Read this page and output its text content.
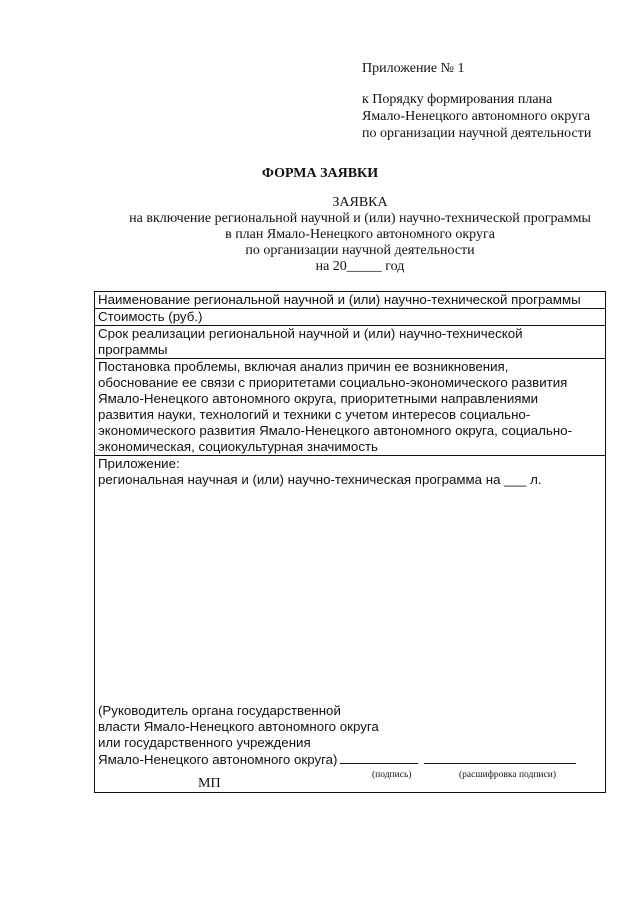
Приложение № 1
к Порядку формирования плана
Ямало-Ненецкого автономного округа
по организации научной деятельности
ФОРМА ЗАЯВКИ
ЗАЯВКА
на включение региональной научной и (или) научно-технической программы
в план Ямало-Ненецкого автономного округа
по организации научной деятельности
на 20_____ год
Наименование региональной научной и (или) научно-технической программы
Стоимость (руб.)
Срок реализации региональной научной и (или) научно-технической
программы
Постановка проблемы, включая анализ причин ее возникновения,
обоснование ее связи с приоритетами социально-экономического развития
Ямало-Ненецкого автономного округа, приоритетными направлениями
развития науки, технологий и техники с учетом интересов социально-
экономического развития Ямало-Ненецкого автономного округа, социально-
экономическая, социокультурная значимость
Приложение:
региональная научная и (или) научно-техническая программа на ___ л.
(Руководитель органа государственной
власти Ямало-Ненецкого автономного округа
или государственного учреждения
Ямало-Ненецкого автономного округа)
(подпись)	(расшифровка подписи)
МП
